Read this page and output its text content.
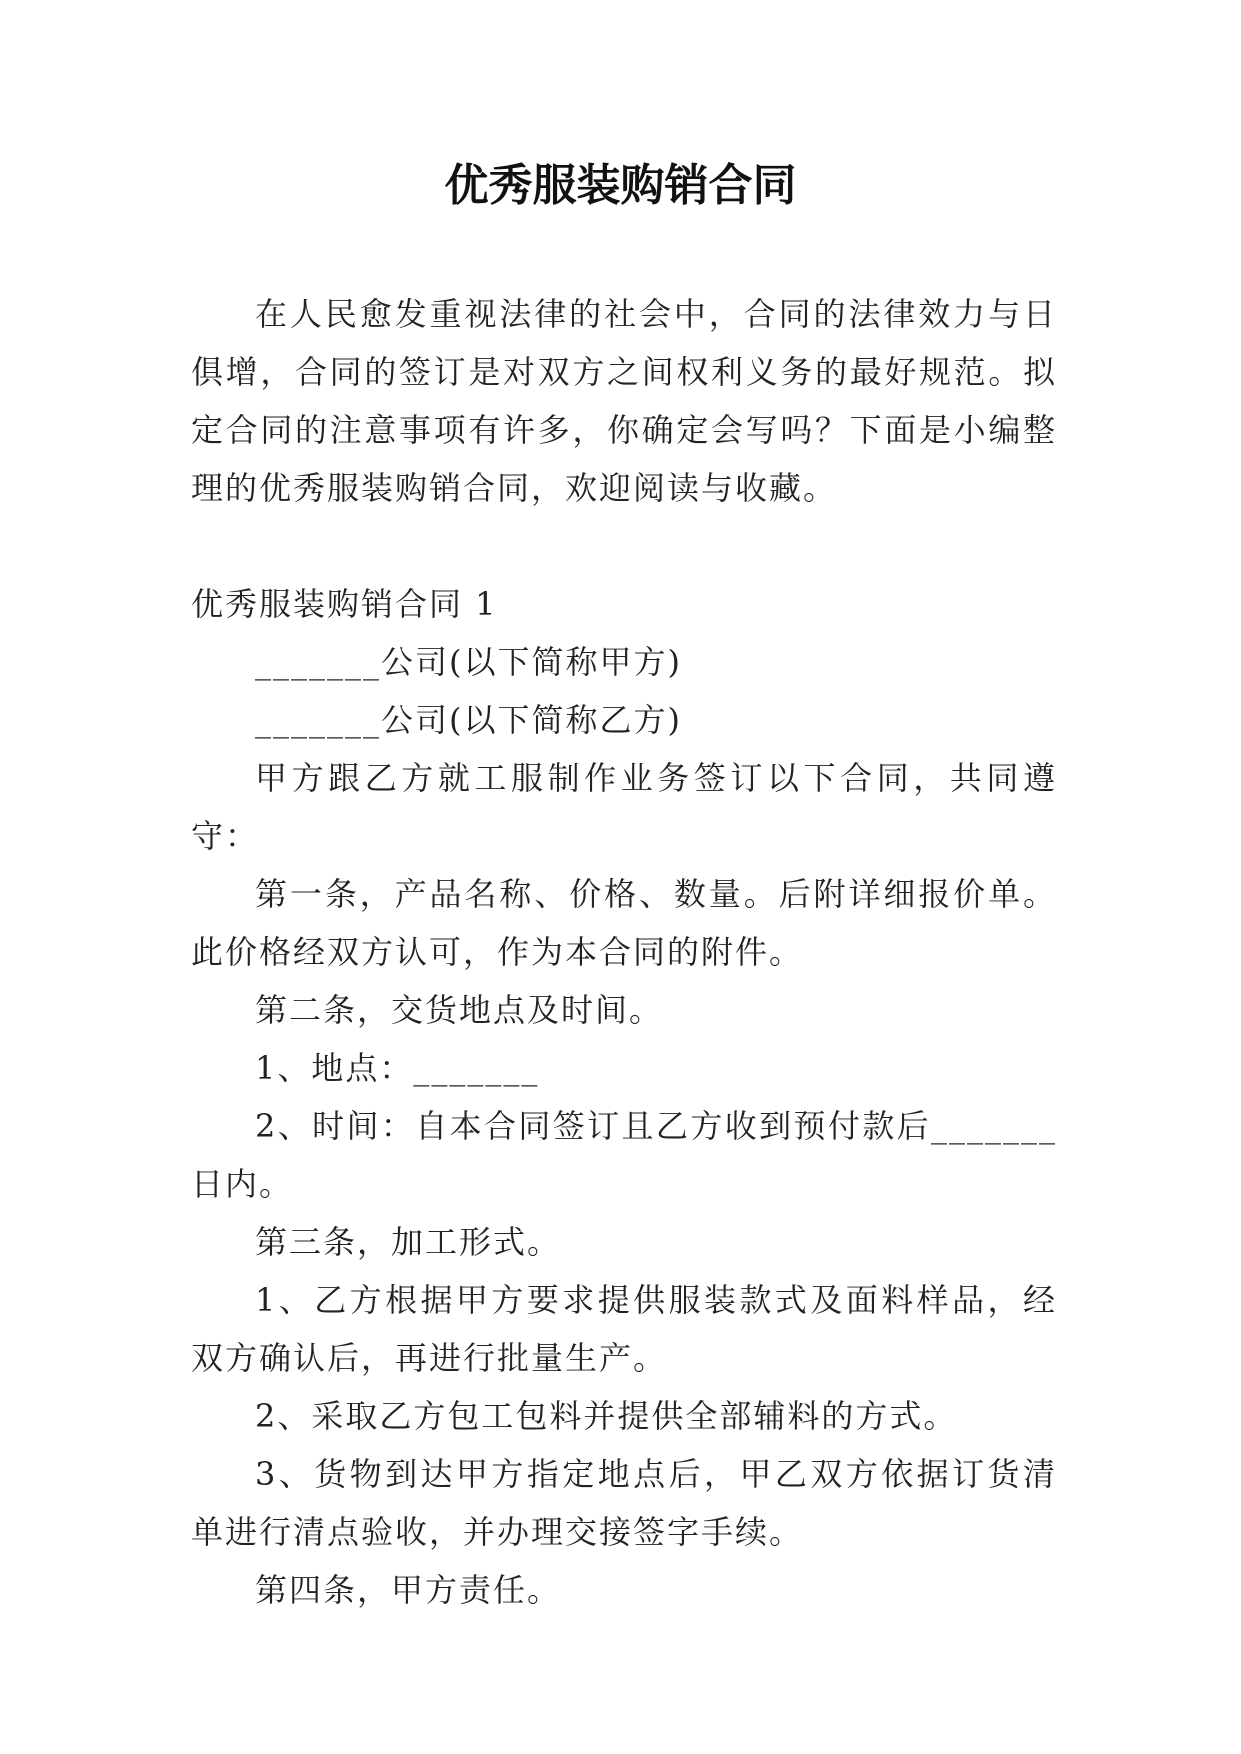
优秀服装购销合同

在人民愈发重视法律的社会中，合同的法律效力与日俱增，合同的签订是对双方之间权利义务的最好规范。拟定合同的注意事项有许多，你确定会写吗？下面是小编整理的优秀服装购销合同，欢迎阅读与收藏。

优秀服装购销合同 1

_______公司(以下简称甲方)

_______公司(以下简称乙方)

甲方跟乙方就工服制作业务签订以下合同，共同遵守：

第一条，产品名称、价格、数量。后附详细报价单。此价格经双方认可，作为本合同的附件。

第二条，交货地点及时间。

1、地点：_______

2、时间：自本合同签订且乙方收到预付款后_______日内。

第三条，加工形式。

1、乙方根据甲方要求提供服装款式及面料样品，经双方确认后，再进行批量生产。

2、采取乙方包工包料并提供全部辅料的方式。

3、货物到达甲方指定地点后，甲乙双方依据订货清单进行清点验收，并办理交接签字手续。

第四条，甲方责任。
